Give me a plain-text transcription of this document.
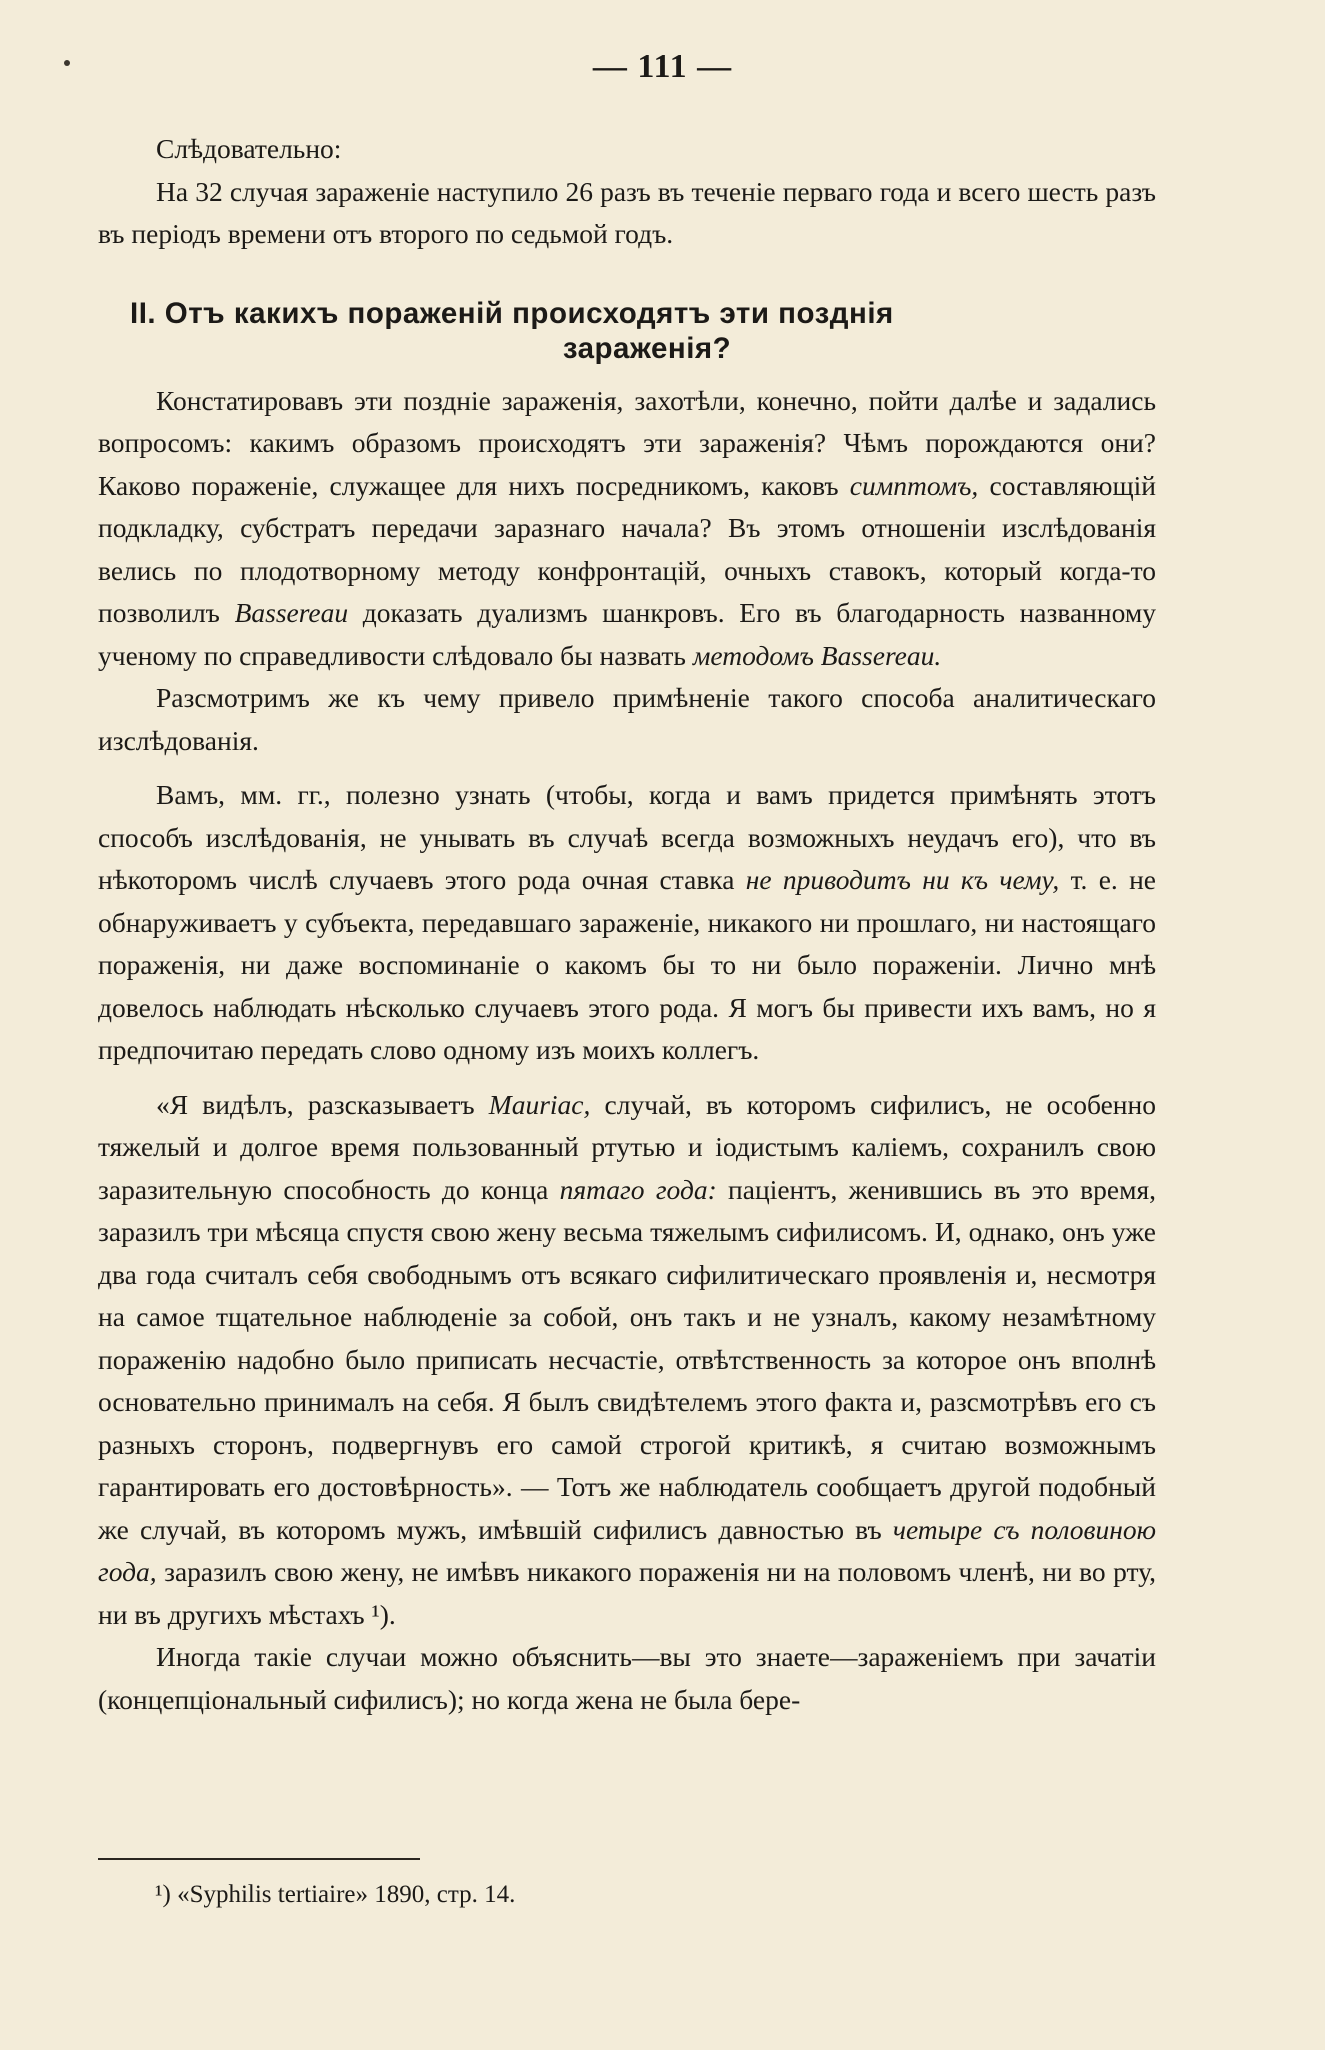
— 111 —

Слѣдовательно:

На 32 случая зараженіе наступило 26 разъ въ теченіе перваго года и всего шесть разъ въ періодъ времени отъ второго по седьмой годъ.

II. Отъ какихъ пораженій происходятъ эти позднія
зараженія?

Констатировавъ эти поздніе зараженія, захотѣли, конечно, пойти далѣе и задались вопросомъ: какимъ образомъ происходятъ эти зараженія? Чѣмъ порождаются они? Каково пораженіе, служащее для нихъ посредникомъ, каковъ симптомъ, составляющій подкладку, субстратъ передачи заразнаго начала? Въ этомъ отношеніи изслѣдованія велись по плодотворному методу конфронтацій, очныхъ ставокъ, который когда-то позволилъ Bassereau доказать дуализмъ шанкровъ. Его въ благодарность названному ученому по справедливости слѣдовало бы назвать методомъ Bassereau.

Разсмотримъ же къ чему привело примѣненіе такого способа аналитическаго изслѣдованія.

Вамъ, мм. гг., полезно узнать (чтобы, когда и вамъ придется примѣнять этотъ способъ изслѣдованія, не унывать въ случаѣ всегда возможныхъ неудачъ его), что въ нѣкоторомъ числѣ случаевъ этого рода очная ставка не приводитъ ни къ чему, т. е. не обнаруживаетъ у субъекта, передавшаго зараженіе, никакого ни прошлаго, ни настоящаго пораженія, ни даже воспоминаніе о какомъ бы то ни было пораженіи. Лично мнѣ довелось наблюдать нѣсколько случаевъ этого рода. Я могъ бы привести ихъ вамъ, но я предпочитаю передать слово одному изъ моихъ коллегъ.

«Я видѣлъ, разсказываетъ Mauriac, случай, въ которомъ сифилисъ, не особенно тяжелый и долгое время пользованный ртутью и іодистымъ каліемъ, сохранилъ свою заразительную способность до конца пятаго года: паціентъ, женившись въ это время, заразилъ три мѣсяца спустя свою жену весьма тяжелымъ сифилисомъ. И, однако, онъ уже два года считалъ себя свободнымъ отъ всякаго сифилитическаго проявленія и, несмотря на самое тщательное наблюденіе за собой, онъ такъ и не узналъ, какому незамѣтному пораженію надобно было приписать несчастіе, отвѣтственность за которое онъ вполнѣ основательно принималъ на себя. Я былъ свидѣтелемъ этого факта и, разсмотрѣвъ его съ разныхъ сторонъ, подвергнувъ его самой строгой критикѣ, я считаю возможнымъ гарантировать его достовѣрность». — Тотъ же наблюдатель сообщаетъ другой подобный же случай, въ которомъ мужъ, имѣвшій сифилисъ давностью въ четыре съ половиною года, заразилъ свою жену, не имѣвъ никакого пораженія ни на половомъ членѣ, ни во рту, ни въ другихъ мѣстахъ ¹).

Иногда такіе случаи можно объяснить—вы это знаете—зараженіемъ при зачатіи (концепціональный сифилисъ); но когда жена не была бере-

¹) «Syphilis tertiaire» 1890, стр. 14.
